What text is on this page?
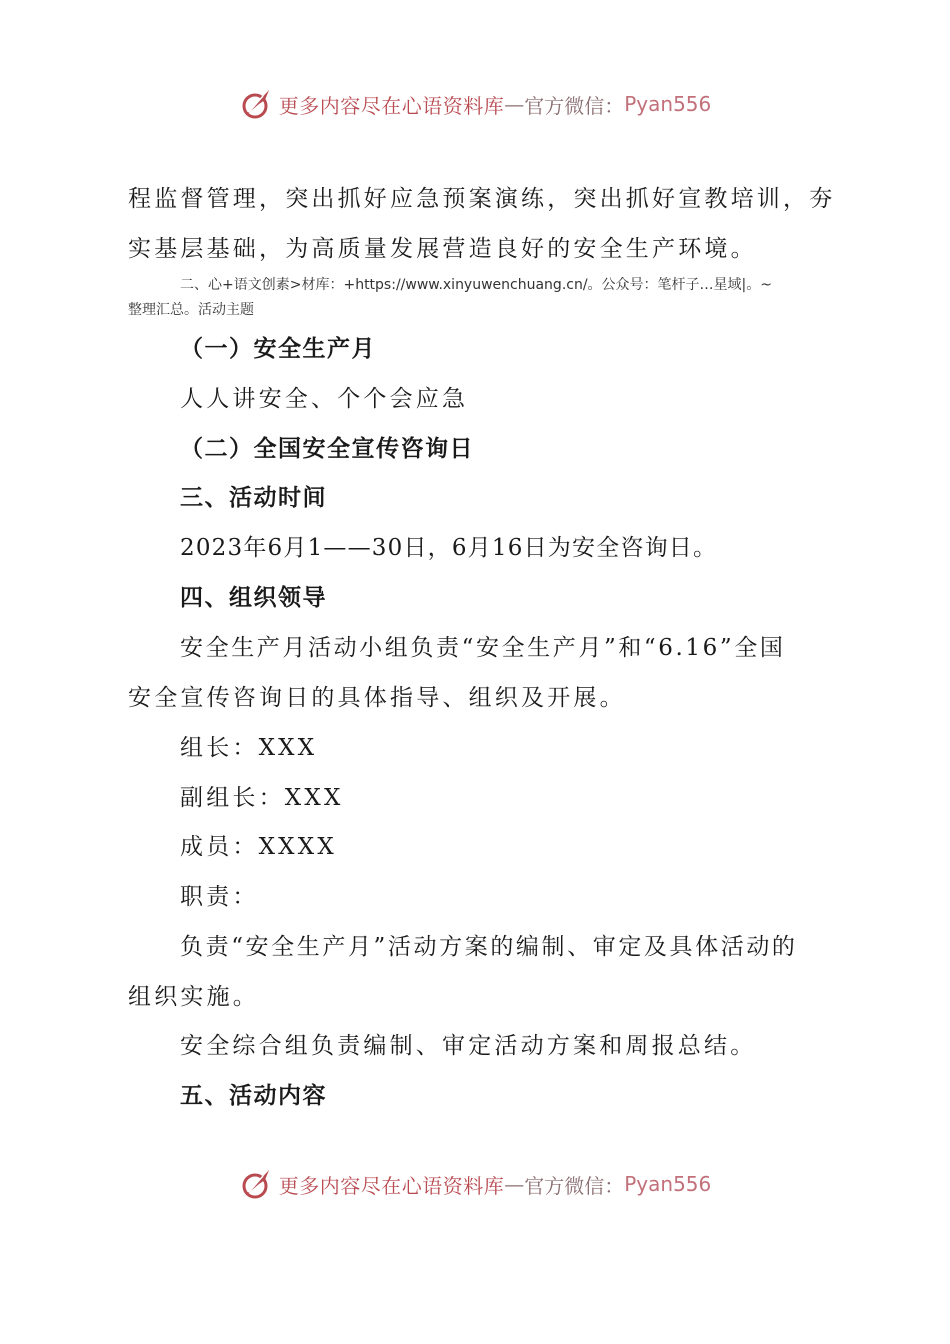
更多内容尽在心语资料库 — 官方微信： Pyan556
程监督管理，突出抓好应急预案演练，突出抓好宣教培训，夯
实基层基础，为高质量发展营造良好的安全生产环境。
二、心+语文创素>材库：+https://www.xinyuwenchuang.cn/。公众号：笔杆子…星域|。~
整理汇总。活动主题
（一）安全生产月
人人讲安全、个个会应急
（二）全国安全宣传咨询日
三、活动时间
2023年6月1——30日，6月16日为安全咨询日。
四、组织领导
安全生产月活动小组负责“安全生产月”和“6.16”全国
安全宣传咨询日的具体指导、组织及开展。
组长：XXX
副组长：XXX
成员：XXXX
职责：
负责“安全生产月”活动方案的编制、审定及具体活动的
组织实施。
安全综合组负责编制、审定活动方案和周报总结。
五、活动内容
更多内容尽在心语资料库 — 官方微信： Pyan556
